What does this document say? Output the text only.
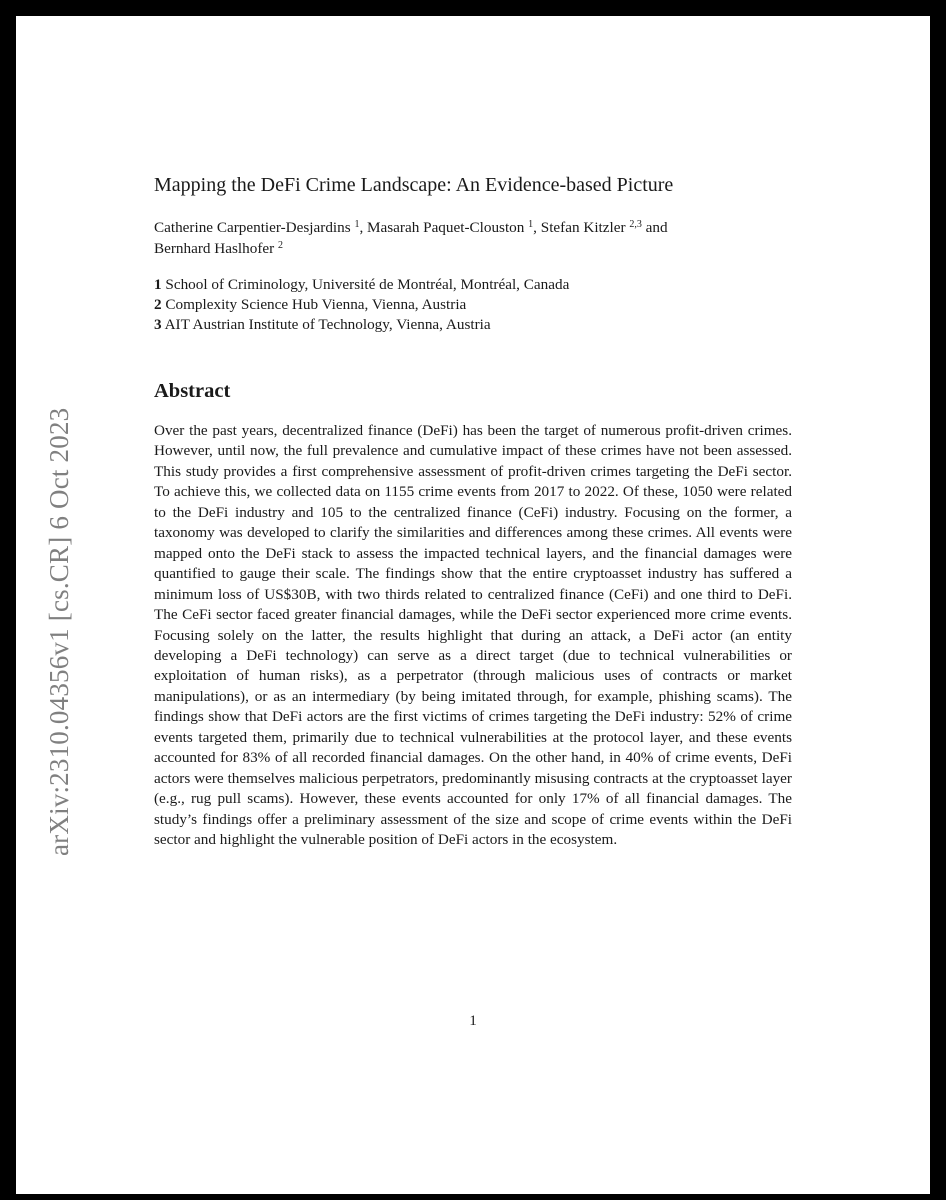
arXiv:2310.04356v1 [cs.CR] 6 Oct 2023
Mapping the DeFi Crime Landscape: An Evidence-based Picture
Catherine Carpentier-Desjardins $^1$, Masarah Paquet-Clouston $^1$, Stefan Kitzler $^{2,3}$ and
Bernhard Haslhofer $^2$
1 School of Criminology, Université de Montréal, Montréal, Canada
2 Complexity Science Hub Vienna, Vienna, Austria
3 AIT Austrian Institute of Technology, Vienna, Austria
Abstract
Over the past years, decentralized finance (DeFi) has been the target of numerous profit-driven crimes. However, until now, the full prevalence and cumulative impact of these crimes have not been assessed. This study provides a first comprehensive assessment of profit-driven crimes targeting the DeFi sector. To achieve this, we collected data on 1155 crime events from 2017 to 2022. Of these, 1050 were related to the DeFi industry and 105 to the centralized finance (CeFi) industry. Focusing on the former, a taxonomy was developed to clarify the similarities and differences among these crimes. All events were mapped onto the DeFi stack to assess the impacted technical layers, and the financial damages were quantified to gauge their scale. The findings show that the entire cryptoasset industry has suffered a minimum loss of US$30B, with two thirds related to centralized finance (CeFi) and one third to DeFi. The CeFi sector faced greater financial damages, while the DeFi sector experienced more crime events. Focusing solely on the latter, the results highlight that during an attack, a DeFi actor (an entity developing a DeFi technology) can serve as a direct target (due to technical vulnerabilities or exploitation of human risks), as a perpetrator (through malicious uses of contracts or market manipulations), or as an intermediary (by being imitated through, for example, phishing scams). The findings show that DeFi actors are the first victims of crimes targeting the DeFi industry: 52% of crime events targeted them, primarily due to technical vulnerabilities at the protocol layer, and these events accounted for 83% of all recorded financial damages. On the other hand, in 40% of crime events, DeFi actors were themselves malicious perpetrators, predominantly misusing contracts at the cryptoasset layer (e.g., rug pull scams). However, these events accounted for only 17% of all financial damages. The study’s findings offer a preliminary assessment of the size and scope of crime events within the DeFi sector and highlight the vulnerable position of DeFi actors in the ecosystem.
1
